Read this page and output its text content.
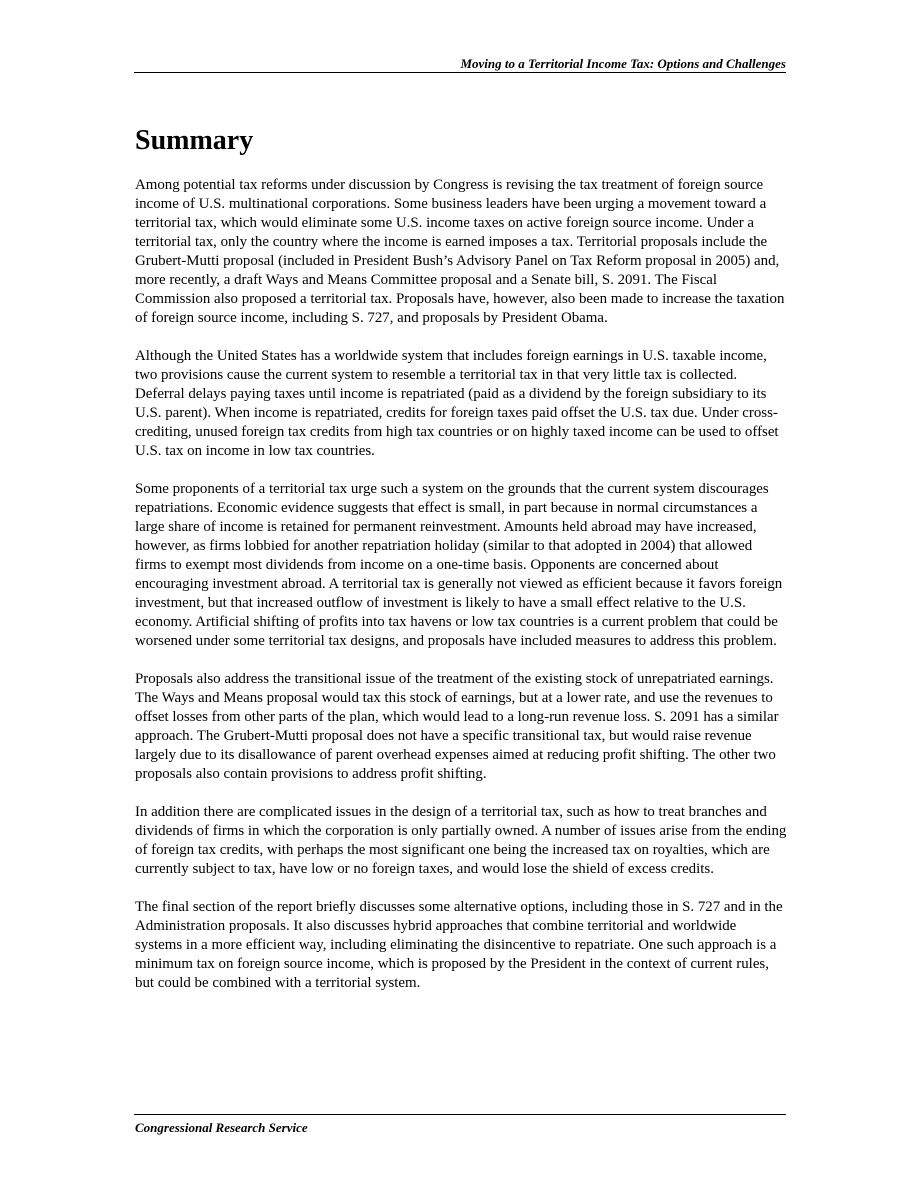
Moving to a Territorial Income Tax: Options and Challenges
Summary

Among potential tax reforms under discussion by Congress is revising the tax treatment of foreign source income of U.S. multinational corporations. Some business leaders have been urging a movement toward a territorial tax, which would eliminate some U.S. income taxes on active foreign source income. Under a territorial tax, only the country where the income is earned imposes a tax. Territorial proposals include the Grubert-Mutti proposal (included in President Bush’s Advisory Panel on Tax Reform proposal in 2005) and, more recently, a draft Ways and Means Committee proposal and a Senate bill, S. 2091. The Fiscal Commission also proposed a territorial tax. Proposals have, however, also been made to increase the taxation of foreign source income, including S. 727, and proposals by President Obama.

Although the United States has a worldwide system that includes foreign earnings in U.S. taxable income, two provisions cause the current system to resemble a territorial tax in that very little tax is collected. Deferral delays paying taxes until income is repatriated (paid as a dividend by the foreign subsidiary to its U.S. parent). When income is repatriated, credits for foreign taxes paid offset the U.S. tax due. Under cross-crediting, unused foreign tax credits from high tax countries or on highly taxed income can be used to offset U.S. tax on income in low tax countries.

Some proponents of a territorial tax urge such a system on the grounds that the current system discourages repatriations. Economic evidence suggests that effect is small, in part because in normal circumstances a large share of income is retained for permanent reinvestment. Amounts held abroad may have increased, however, as firms lobbied for another repatriation holiday (similar to that adopted in 2004) that allowed firms to exempt most dividends from income on a one-time basis. Opponents are concerned about encouraging investment abroad. A territorial tax is generally not viewed as efficient because it favors foreign investment, but that increased outflow of investment is likely to have a small effect relative to the U.S. economy. Artificial shifting of profits into tax havens or low tax countries is a current problem that could be worsened under some territorial tax designs, and proposals have included measures to address this problem.

Proposals also address the transitional issue of the treatment of the existing stock of unrepatriated earnings. The Ways and Means proposal would tax this stock of earnings, but at a lower rate, and use the revenues to offset losses from other parts of the plan, which would lead to a long-run revenue loss. S. 2091 has a similar approach. The Grubert-Mutti proposal does not have a specific transitional tax, but would raise revenue largely due to its disallowance of parent overhead expenses aimed at reducing profit shifting. The other two proposals also contain provisions to address profit shifting.

In addition there are complicated issues in the design of a territorial tax, such as how to treat branches and dividends of firms in which the corporation is only partially owned. A number of issues arise from the ending of foreign tax credits, with perhaps the most significant one being the increased tax on royalties, which are currently subject to tax, have low or no foreign taxes, and would lose the shield of excess credits.

The final section of the report briefly discusses some alternative options, including those in S. 727 and in the Administration proposals. It also discusses hybrid approaches that combine territorial and worldwide systems in a more efficient way, including eliminating the disincentive to repatriate. One such approach is a minimum tax on foreign source income, which is proposed by the President in the context of current rules, but could be combined with a territorial system.

Congressional Research Service
